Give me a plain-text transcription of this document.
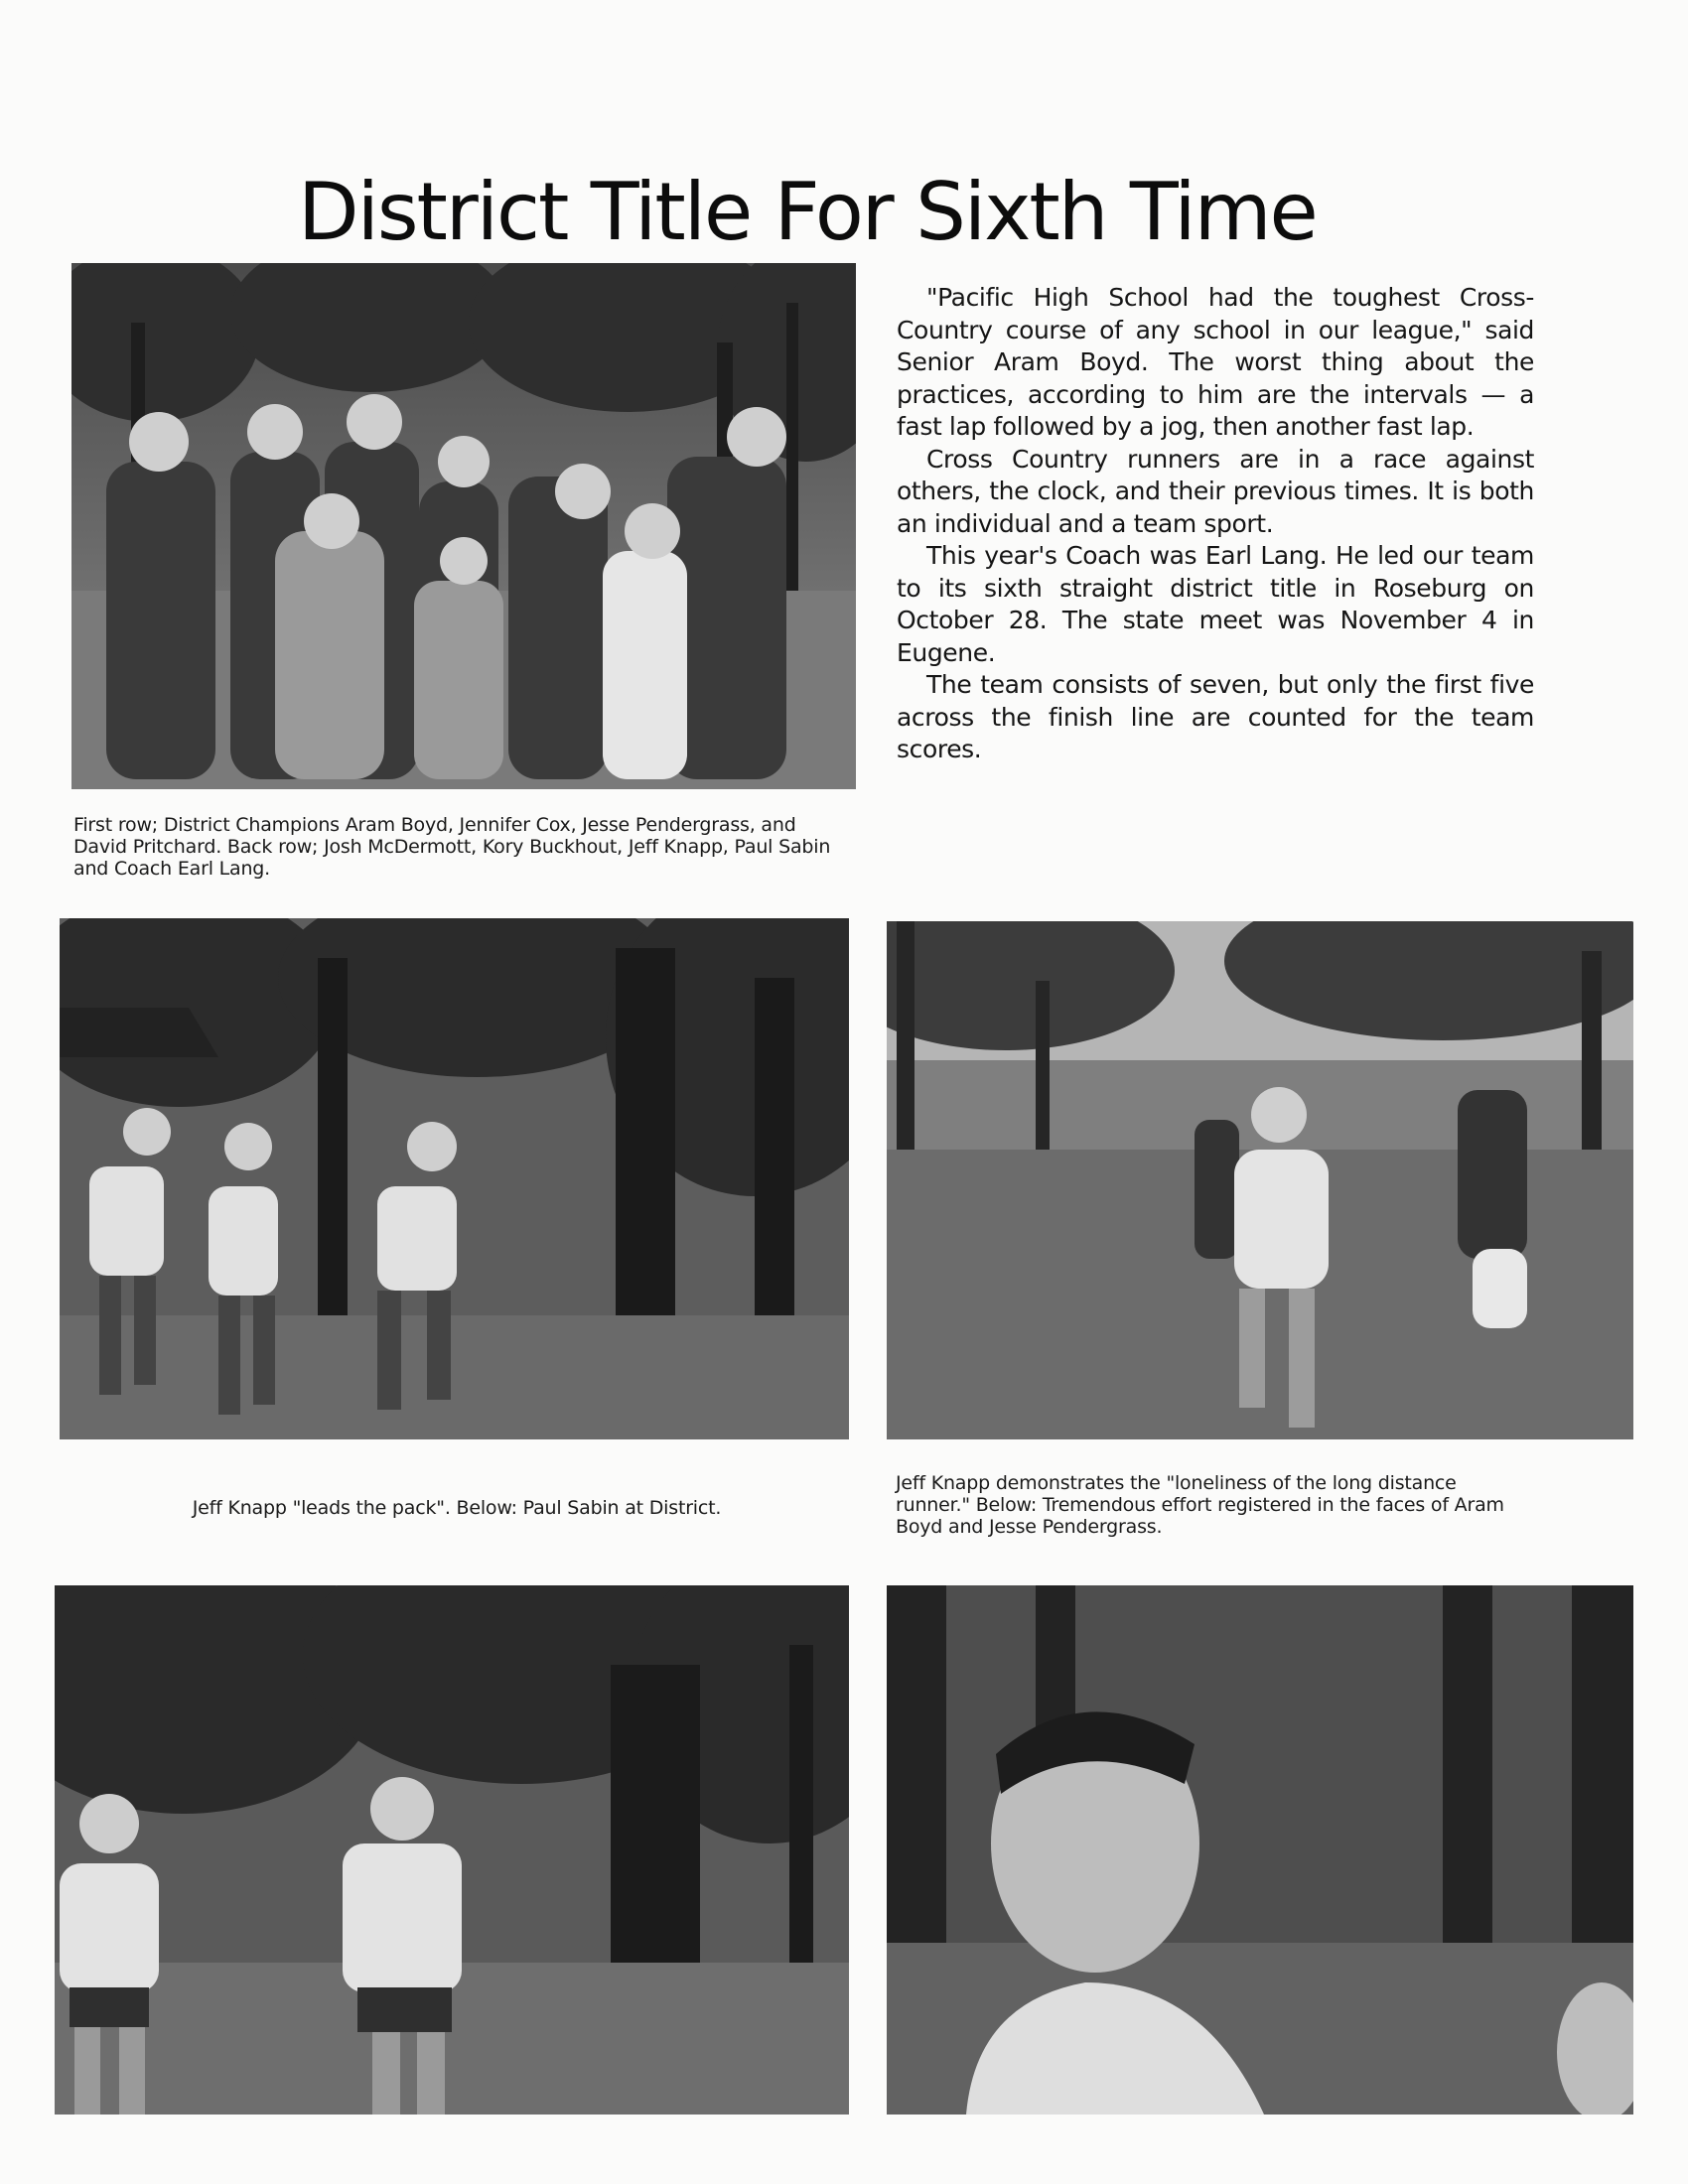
District Title For Sixth Time
First row; District Champions Aram Boyd, Jennifer Cox, Jesse Pendergrass, and David Pritchard. Back row; Josh McDermott, Kory Buckhout, Jeff Knapp, Paul Sabin and Coach Earl Lang.

"Pacific High School had the toughest Cross-Country course of any school in our league," said Senior Aram Boyd. The worst thing about the practices, according to him are the intervals — a fast lap followed by a jog, then another fast lap.

Cross Country runners are in a race against others, the clock, and their previous times. It is both an individual and a team sport.

This year's Coach was Earl Lang. He led our team to its sixth straight district title in Roseburg on October 28. The state meet was November 4 in Eugene.

The team consists of seven, but only the first five across the finish line are counted for the team scores.

Jeff Knapp "leads the pack". Below: Paul Sabin at District.
Jeff Knapp demonstrates the "loneliness of the long distance runner." Below: Tremendous effort registered in the faces of Aram Boyd and Jesse Pendergrass.
